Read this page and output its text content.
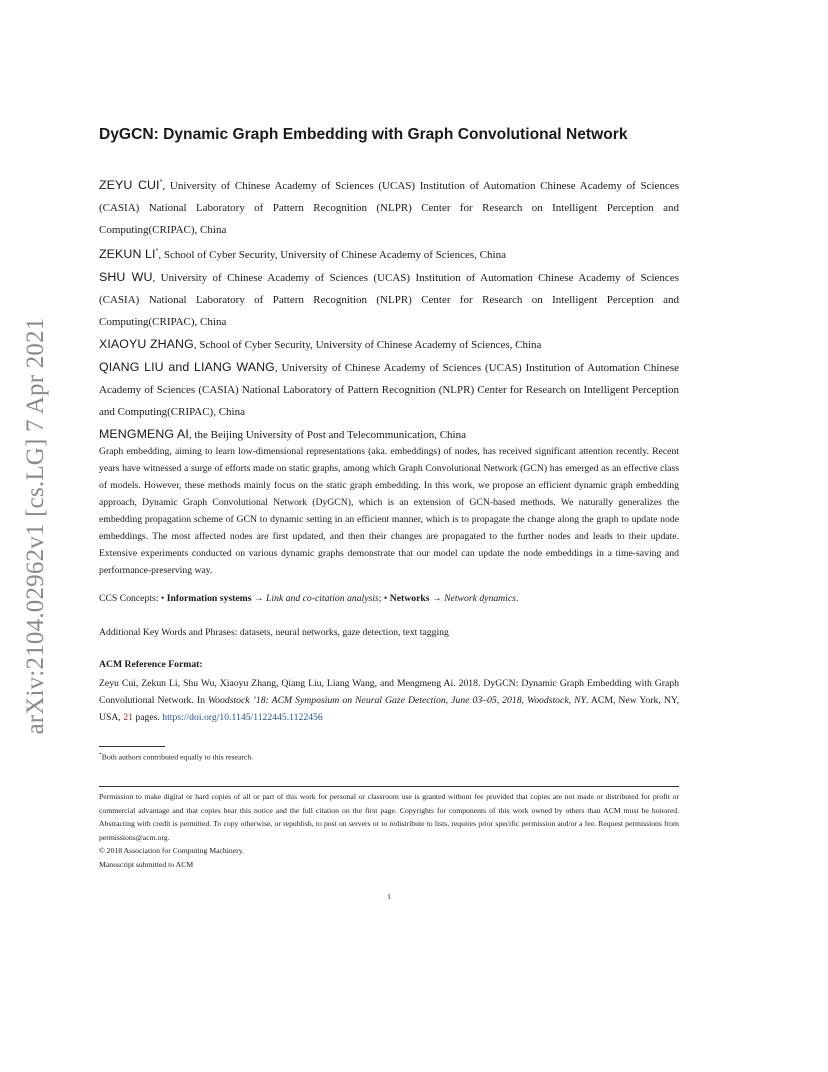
arXiv:2104.02962v1 [cs.LG] 7 Apr 2021
DyGCN: Dynamic Graph Embedding with Graph Convolutional Network

ZEYU CUI*, University of Chinese Academy of Sciences (UCAS) Institution of Automation Chinese Academy of Sciences (CASIA) National Laboratory of Pattern Recognition (NLPR) Center for Research on Intelligent Perception and Computing(CRIPAC), China

ZEKUN LI*, School of Cyber Security, University of Chinese Academy of Sciences, China

SHU WU, University of Chinese Academy of Sciences (UCAS) Institution of Automation Chinese Academy of Sciences (CASIA) National Laboratory of Pattern Recognition (NLPR) Center for Research on Intelligent Perception and Computing(CRIPAC), China

XIAOYU ZHANG, School of Cyber Security, University of Chinese Academy of Sciences, China

QIANG LIU and LIANG WANG, University of Chinese Academy of Sciences (UCAS) Institution of Automation Chinese Academy of Sciences (CASIA) National Laboratory of Pattern Recognition (NLPR) Center for Research on Intelligent Perception and Computing(CRIPAC), China

MENGMENG AI, the Beijing University of Post and Telecommunication, China

Graph embedding, aiming to learn low-dimensional representations (aka. embeddings) of nodes, has received significant attention recently. Recent years have witnessed a surge of efforts made on static graphs, among which Graph Convolutional Network (GCN) has emerged as an effective class of models. However, these methods mainly focus on the static graph embedding. In this work, we propose an efficient dynamic graph embedding approach, Dynamic Graph Convolutional Network (DyGCN), which is an extension of GCN-based methods. We naturally generalizes the embedding propagation scheme of GCN to dynamic setting in an efficient manner, which is to propagate the change along the graph to update node embeddings. The most affected nodes are first updated, and then their changes are propagated to the further nodes and leads to their update. Extensive experiments conducted on various dynamic graphs demonstrate that our model can update the node embeddings in a time-saving and performance-preserving way.
CCS Concepts: • Information systems → Link and co-citation analysis; • Networks → Network dynamics.
Additional Key Words and Phrases: datasets, neural networks, gaze detection, text tagging
ACM Reference Format:
Zeyu Cui, Zekun Li, Shu Wu, Xiaoyu Zhang, Qiang Liu, Liang Wang, and Mengmeng Ai. 2018. DyGCN: Dynamic Graph Embedding with Graph Convolutional Network. In Woodstock ’18: ACM Symposium on Neural Gaze Detection, June 03–05, 2018, Woodstock, NY. ACM, New York, NY, USA, 21 pages. https://doi.org/10.1145/1122445.1122456
*Both authors contributed equally to this research.

Permission to make digital or hard copies of all or part of this work for personal or classroom use is granted without fee provided that copies are not made or distributed for profit or commercial advantage and that copies bear this notice and the full citation on the first page. Copyrights for components of this work owned by others than ACM must be honored. Abstracting with credit is permitted. To copy otherwise, or republish, to post on servers or to redistribute to lists, requires prior specific permission and/or a fee. Request permissions from permissions@acm.org.

© 2018 Association for Computing Machinery.

Manuscript submitted to ACM

1
